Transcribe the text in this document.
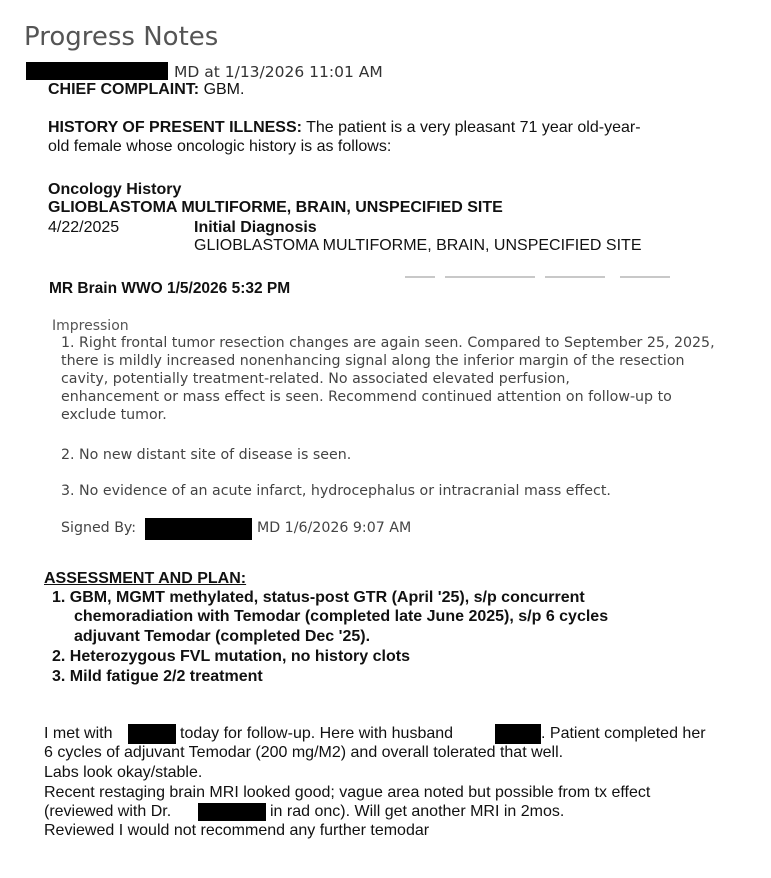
Progress Notes
MD at 1/13/2026 11:01 AM
CHIEF COMPLAINT: GBM.
HISTORY OF PRESENT ILLNESS: The patient is a very pleasant 71 year old-year-
old female whose oncologic history is as follows:
Oncology History
GLIOBLASTOMA MULTIFORME, BRAIN, UNSPECIFIED SITE
4/22/2025	Initial Diagnosis
GLIOBLASTOMA MULTIFORME, BRAIN, UNSPECIFIED SITE
MR Brain WWO 1/5/2026 5:32 PM
Impression
1. Right frontal tumor resection changes are again seen. Compared to September 25, 2025,
there is mildly increased nonenhancing signal along the inferior margin of the resection
cavity, potentially treatment-related. No associated elevated perfusion,
enhancement or mass effect is seen. Recommend continued attention on follow-up to
exclude tumor.
2. No new distant site of disease is seen.
3. No evidence of an acute infarct, hydrocephalus or intracranial mass effect.
Signed By:	MD 1/6/2026 9:07 AM
ASSESSMENT AND PLAN:
1. GBM, MGMT methylated, status-post GTR (April '25), s/p concurrent
chemoradiation with Temodar (completed late June 2025), s/p 6 cycles
adjuvant Temodar (completed Dec '25).
2. Heterozygous FVL mutation, no history clots
3. Mild fatigue 2/2 treatment
I met with	today for follow-up. Here with husband	. Patient completed her
6 cycles of adjuvant Temodar (200 mg/M2) and overall tolerated that well.
Labs look okay/stable.
Recent restaging brain MRI looked good; vague area noted but possible from tx effect
(reviewed with Dr.	in rad onc). Will get another MRI in 2mos.
Reviewed I would not recommend any further temodar
